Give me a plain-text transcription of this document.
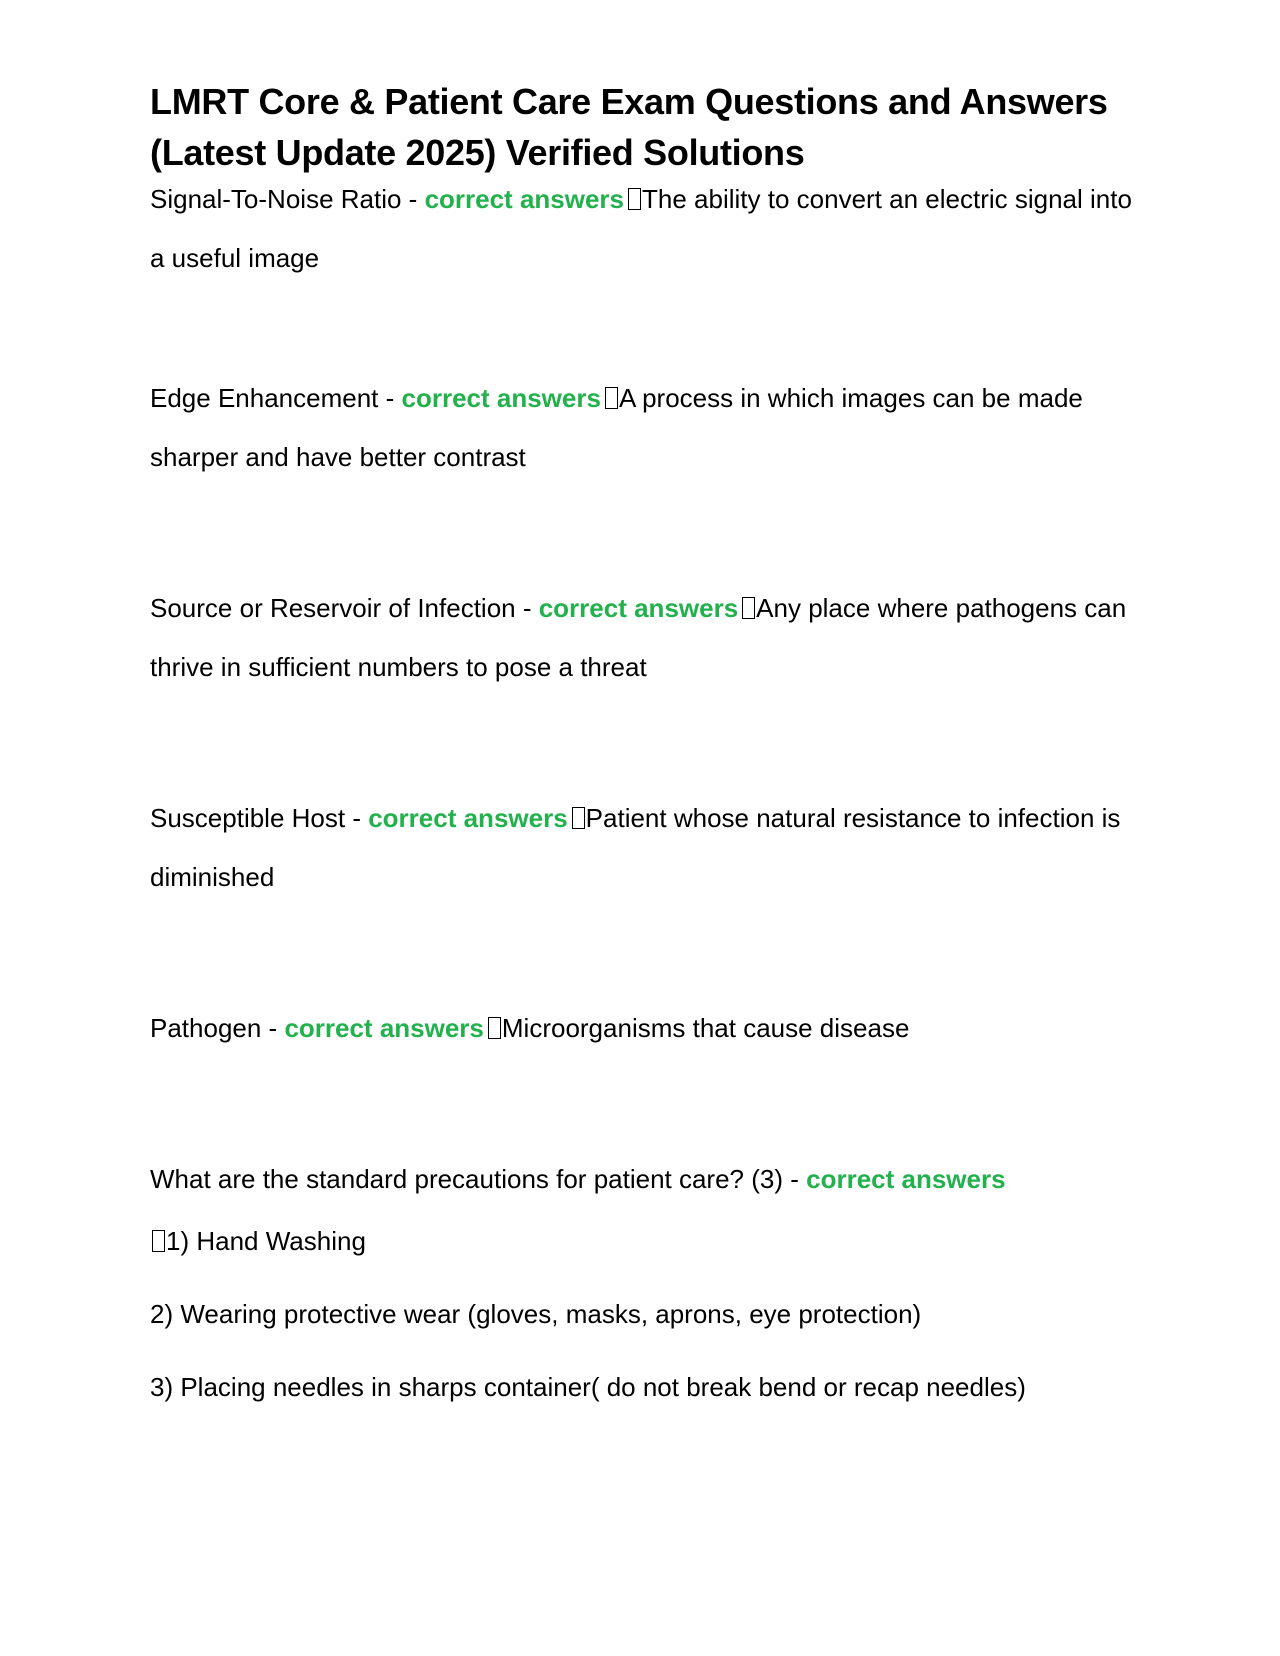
LMRT Core & Patient Care Exam Questions and Answers
(Latest Update 2025) Verified Solutions

Signal-To-Noise Ratio - correct answers The ability to convert an electric signal into a useful image

Edge Enhancement - correct answers A process in which images can be made sharper and have better contrast

Source or Reservoir of Infection - correct answers Any place where pathogens can thrive in sufficient numbers to pose a threat

Susceptible Host - correct answers Patient whose natural resistance to infection is diminished

Pathogen - correct answers Microorganisms that cause disease

What are the standard precautions for patient care? (3) - correct answers

1) Hand Washing

2) Wearing protective wear (gloves, masks, aprons, eye protection)

3) Placing needles in sharps container( do not break bend or recap needles)
